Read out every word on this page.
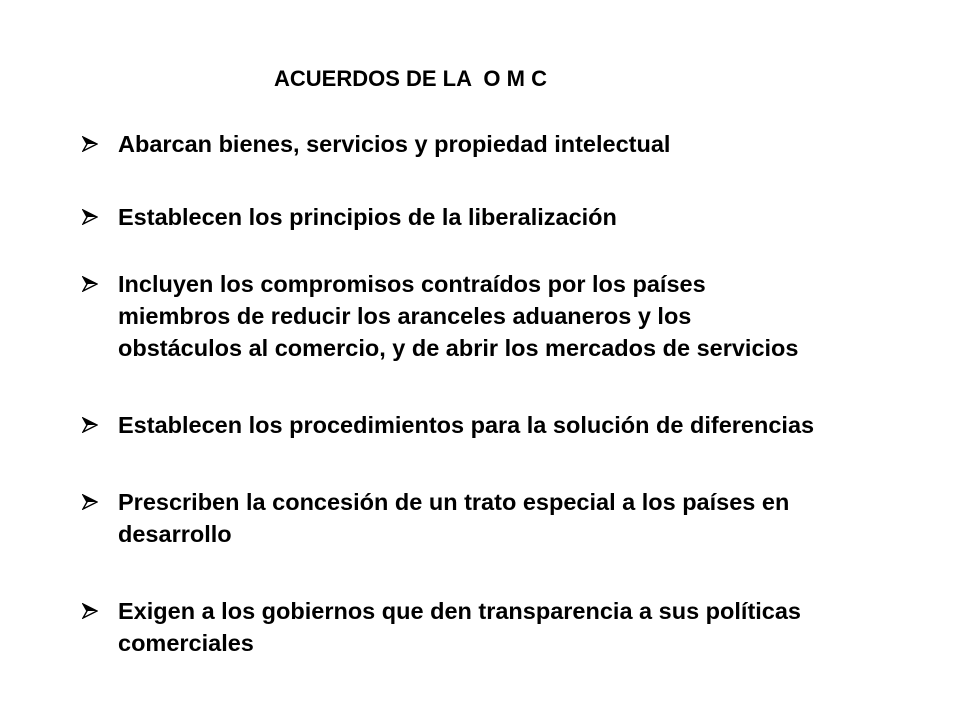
ACUERDOS DE LA  O M C
Abarcan bienes, servicios y propiedad intelectual
Establecen los principios de la liberalización
Incluyen los compromisos contraídos por los países
miembros de reducir los aranceles aduaneros y los
obstáculos al comercio, y de abrir los mercados de servicios
Establecen los procedimientos para la solución de diferencias
Prescriben la concesión de un trato especial a los países en
desarrollo
Exigen a los gobiernos que den transparencia a sus políticas
comerciales
